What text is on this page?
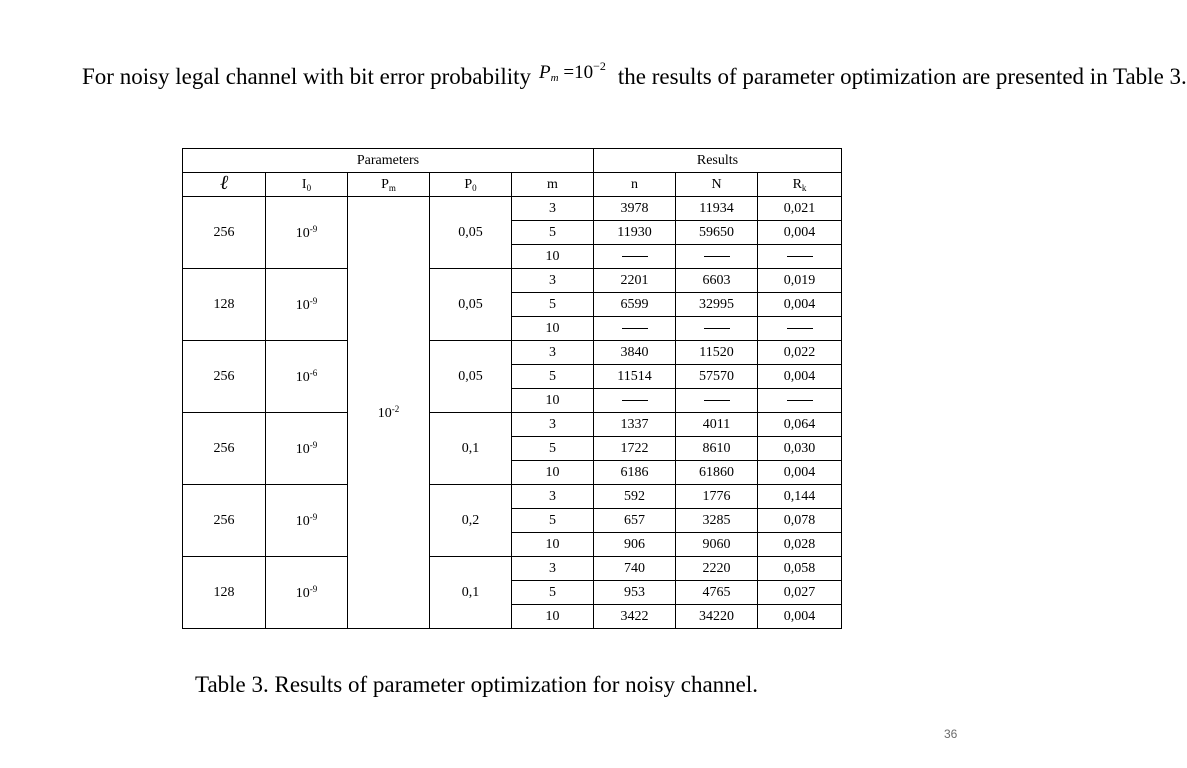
For noisy legal channel with bit error probability $P_m =10^{-2}$ the results of parameter optimization are presented in Table 3.

Parameters					Results		
ℓ	$I_0$	$P_m$	$P_0$	m	n	N	$R_k$
256	$10^{-9}$	$10^{-2}$	0,05	3	3978	11934	0,021
				5	11930	59650	0,004
				10			
128	$10^{-9}$		0,05	3	2201	6603	0,019
				5	6599	32995	0,004
				10			
256	$10^{-6}$		0,05	3	3840	11520	0,022
				5	11514	57570	0,004
				10			
256	$10^{-9}$		0,1	3	1337	4011	0,064
				5	1722	8610	0,030
				10	6186	61860	0,004
256	$10^{-9}$		0,2	3	592	1776	0,144
				5	657	3285	0,078
				10	906	9060	0,028
128	$10^{-9}$		0,1	3	740	2220	0,058
				5	953	4765	0,027
				10	3422	34220	0,004

Table 3. Results of parameter optimization for noisy channel.

36
